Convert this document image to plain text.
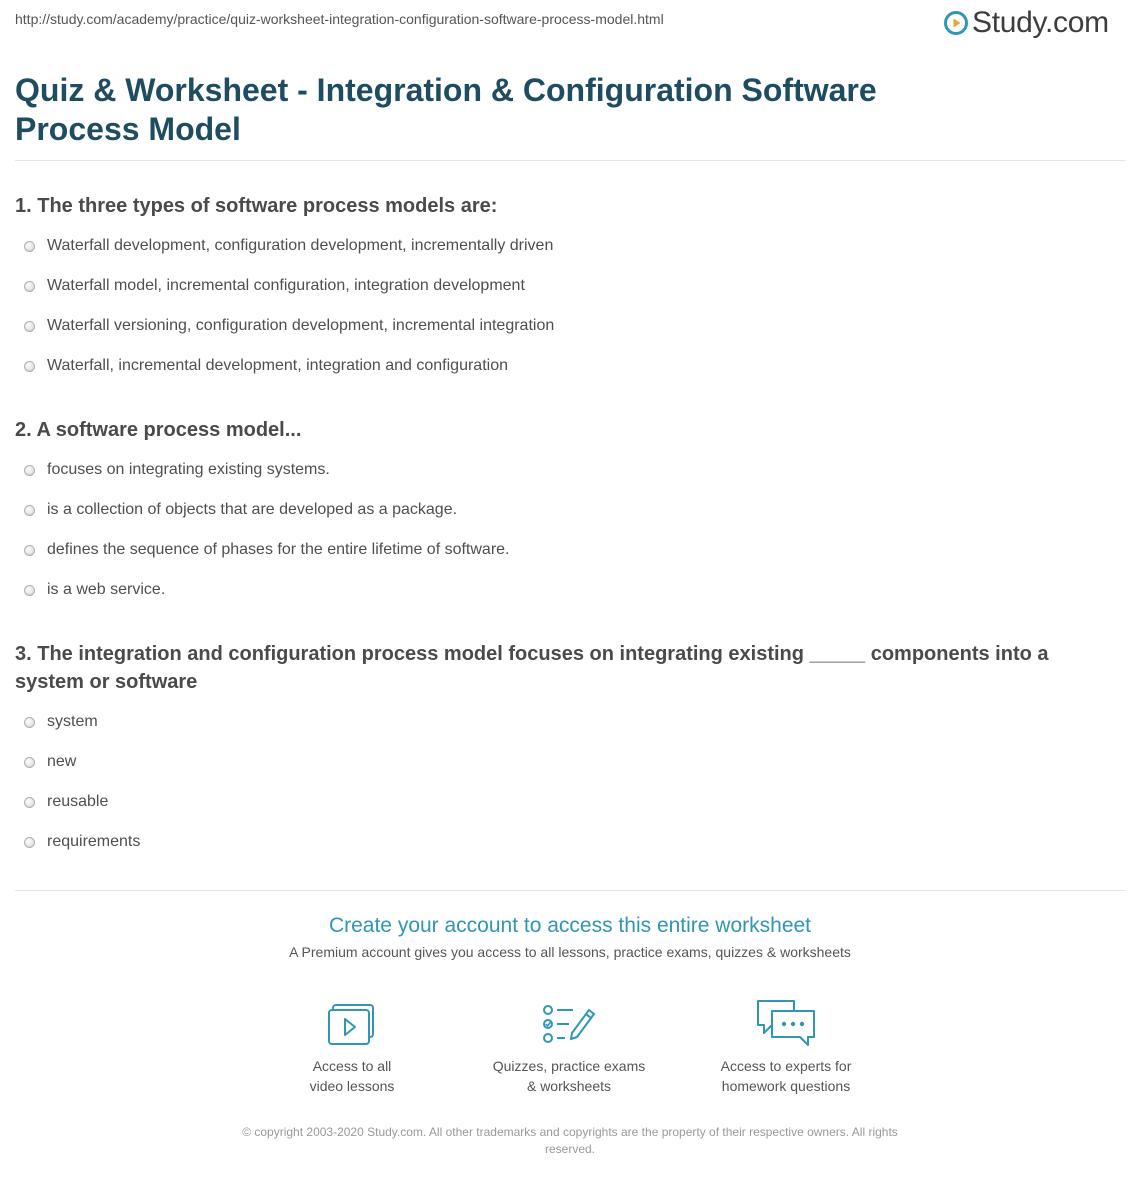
http://study.com/academy/practice/quiz-worksheet-integration-configuration-software-process-model.html	Study.com
Quiz & Worksheet - Integration & Configuration Software Process Model
1. The three types of software process models are:
Waterfall development, configuration development, incrementally driven
Waterfall model, incremental configuration, integration development
Waterfall versioning, configuration development, incremental integration
Waterfall, incremental development, integration and configuration
2. A software process model...
focuses on integrating existing systems.
is a collection of objects that are developed as a package.
defines the sequence of phases for the entire lifetime of software.
is a web service.
3. The integration and configuration process model focuses on integrating existing _____ components into a system or software
system
new
reusable
requirements
Create your account to access this entire worksheet
A Premium account gives you access to all lessons, practice exams, quizzes & worksheets
Access to all
video lessons
Quizzes, practice exams
& worksheets
Access to experts for
homework questions
© copyright 2003-2020 Study.com. All other trademarks and copyrights are the property of their respective owners. All rights
reserved.
